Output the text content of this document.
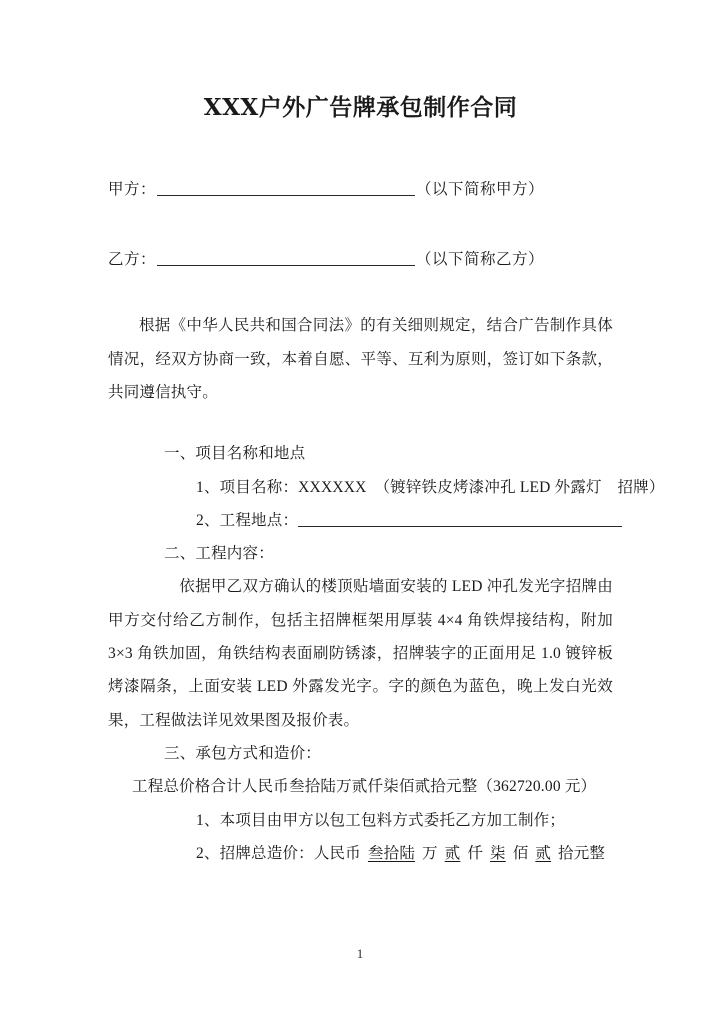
ⅩⅩⅩ户外广告牌承包制作合同
甲方：	（以下简称甲方）
乙方：	（以下简称乙方）

根据《中华人民共和国合同法》的有关细则规定，结合广告制作具体情况，经双方协商一致，本着自愿、平等、互利为原则，签订如下条款，共同遵信执守。

一、项目名称和地点

1、项目名称：XXXXXX　（镀锌铁皮烤漆冲孔 LED 外露灯　招牌）

2、工程地点：

二、工程内容：

依据甲乙双方确认的楼顶贴墙面安装的 LED 冲孔发光字招牌由甲方交付给乙方制作，包括主招牌框架用厚装 4×4 角铁焊接结构，附加 3×3 角铁加固，角铁结构表面刷防锈漆，招牌装字的正面用足 1.0 镀锌板烤漆隔条，上面安装 LED 外露发光字。字的颜色为蓝色，晚上发白光效果，工程做法详见效果图及报价表。

三、承包方式和造价：

工程总价格合计人民币叁拾陆万贰仟柒佰贰拾元整（362720.00 元）

1、本项目由甲方以包工包料方式委托乙方加工制作；

2、招牌总造价：人民币 叁拾陆 万 贰 仟 柒 佰 贰 拾元整

1
